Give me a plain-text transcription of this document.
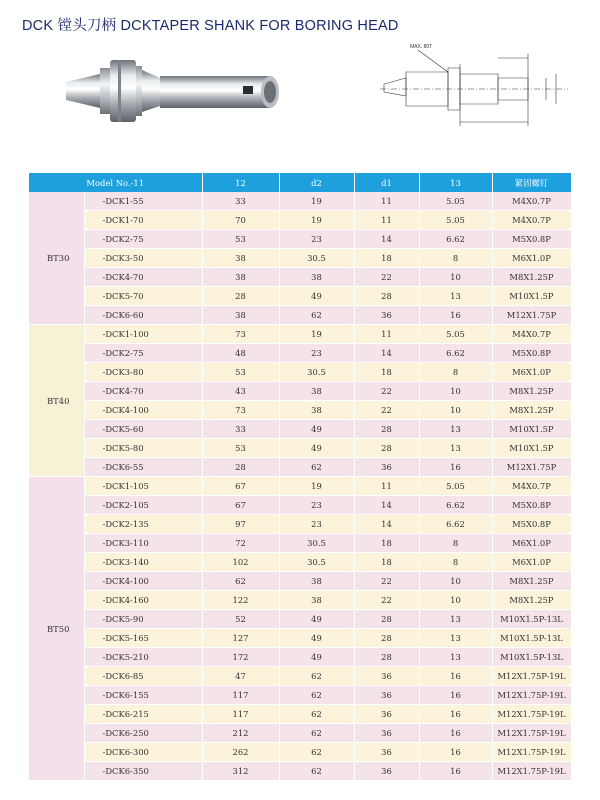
DCK 镗头刀柄 DCKTAPER SHANK FOR BORING HEAD
MAX. 80T
Model No.-11		12	d2	d1	13	紧固螺钉
BT30	-DCK1-55	33	19	11	5.05	M4X0.7P
	-DCK1-70	70	19	11	5.05	M4X0.7P
	-DCK2-75	53	23	14	6.62	M5X0.8P
	-DCK3-50	38	30.5	18	8	M6X1.0P
	-DCK4-70	38	38	22	10	M8X1.25P
	-DCK5-70	28	49	28	13	M10X1.5P
	-DCK6-60	38	62	36	16	M12X1.75P
BT40	-DCK1-100	73	19	11	5.05	M4X0.7P
	-DCK2-75	48	23	14	6.62	M5X0.8P
	-DCK3-80	53	30.5	18	8	M6X1.0P
	-DCK4-70	43	38	22	10	M8X1.25P
	-DCK4-100	73	38	22	10	M8X1.25P
	-DCK5-60	33	49	28	13	M10X1.5P
	-DCK5-80	53	49	28	13	M10X1.5P
	-DCK6-55	28	62	36	16	M12X1.75P
BT50	-DCK1-105	67	19	11	5.05	M4X0.7P
	-DCK2-105	67	23	14	6.62	M5X0.8P
	-DCK2-135	97	23	14	6.62	M5X0.8P
	-DCK3-110	72	30.5	18	8	M6X1.0P
	-DCK3-140	102	30.5	18	8	M6X1.0P
	-DCK4-100	62	38	22	10	M8X1.25P
	-DCK4-160	122	38	22	10	M8X1.25P
	-DCK5-90	52	49	28	13	M10X1.5P-13L
	-DCK5-165	127	49	28	13	M10X1.5P-13L
	-DCK5-210	172	49	28	13	M10X1.5P-13L
	-DCK6-85	47	62	36	16	M12X1.75P-19L
	-DCK6-155	117	62	36	16	M12X1.75P-19L
	-DCK6-215	117	62	36	16	M12X1.75P-19L
	-DCK6-250	212	62	36	16	M12X1.75P-19L
	-DCK6-300	262	62	36	16	M12X1.75P-19L
	-DCK6-350	312	62	36	16	M12X1.75P-19L
